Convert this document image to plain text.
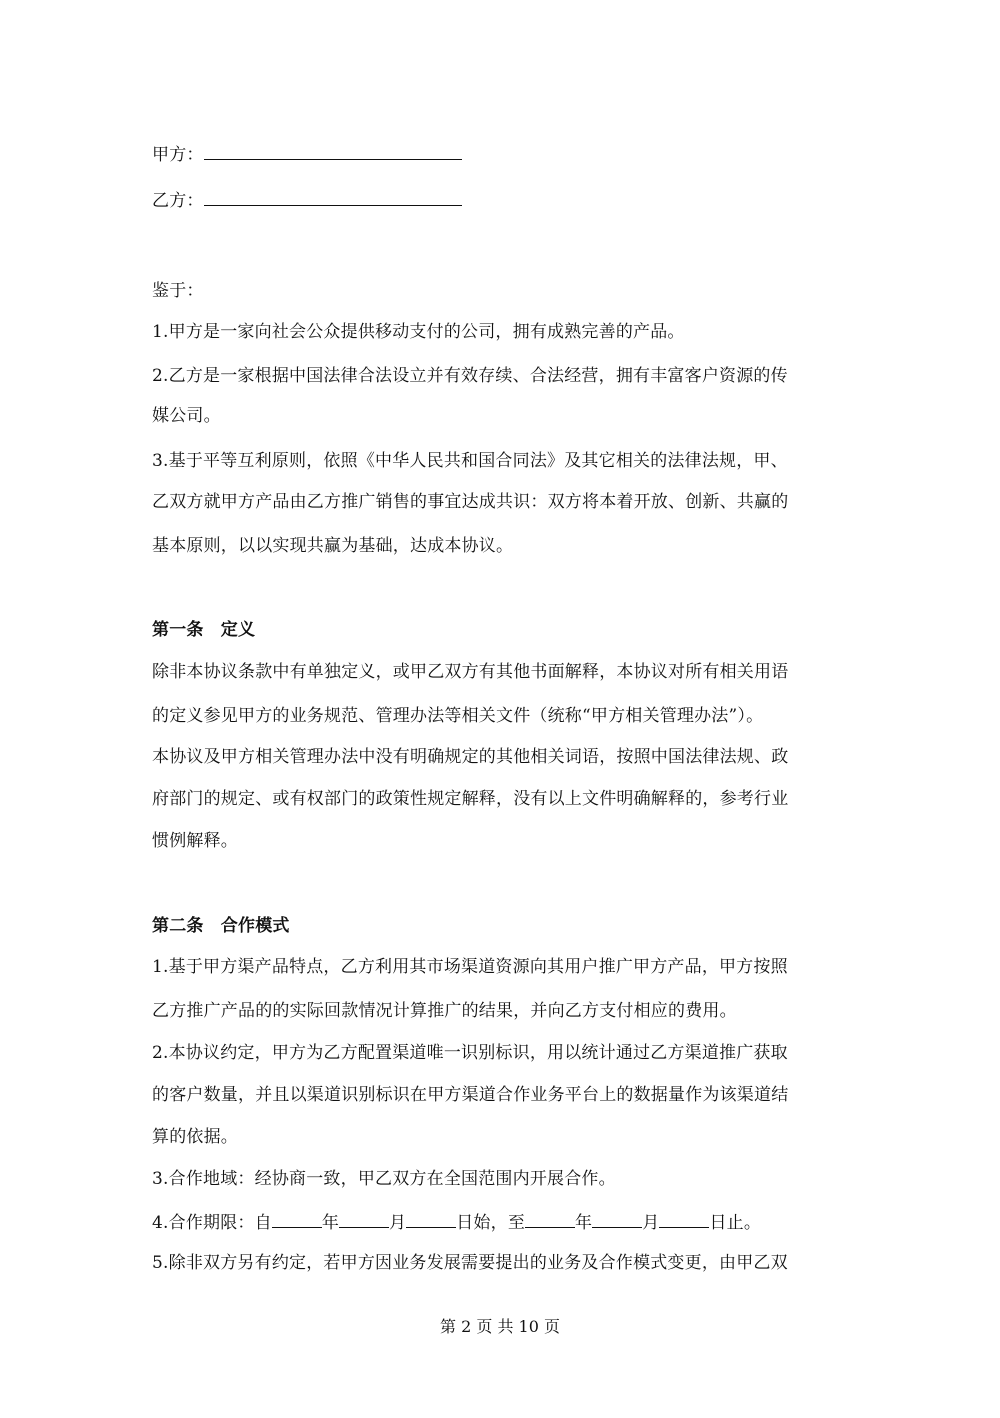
甲方：
乙方：
鉴于：
1.甲方是一家向社会公众提供移动支付的公司，拥有成熟完善的产品。
2.乙方是一家根据中国法律合法设立并有效存续、合法经营，拥有丰富客户资源的传
媒公司。
3.基于平等互利原则，依照《中华人民共和国合同法》及其它相关的法律法规，甲、
乙双方就甲方产品由乙方推广销售的事宜达成共识：双方将本着开放、创新、共赢的
基本原则，以以实现共赢为基础，达成本协议。
第一条　定义
除非本协议条款中有单独定义，或甲乙双方有其他书面解释，本协议对所有相关用语
的定义参见甲方的业务规范、管理办法等相关文件（统称“甲方相关管理办法”）。
本协议及甲方相关管理办法中没有明确规定的其他相关词语，按照中国法律法规、政
府部门的规定、或有权部门的政策性规定解释，没有以上文件明确解释的，参考行业
惯例解释。
第二条　合作模式
1.基于甲方渠产品特点，乙方利用其市场渠道资源向其用户推广甲方产品，甲方按照
乙方推广产品的的实际回款情况计算推广的结果，并向乙方支付相应的费用。
2.本协议约定，甲方为乙方配置渠道唯一识别标识，用以统计通过乙方渠道推广获取
的客户数量，并且以渠道识别标识在甲方渠道合作业务平台上的数据量作为该渠道结
算的依据。
3.合作地域：经协商一致，甲乙双方在全国范围内开展合作。
4.合作期限：自	年	月	日始，至	年	月	日止。
5.除非双方另有约定，若甲方因业务发展需要提出的业务及合作模式变更，由甲乙双
第 2 页 共 10 页
